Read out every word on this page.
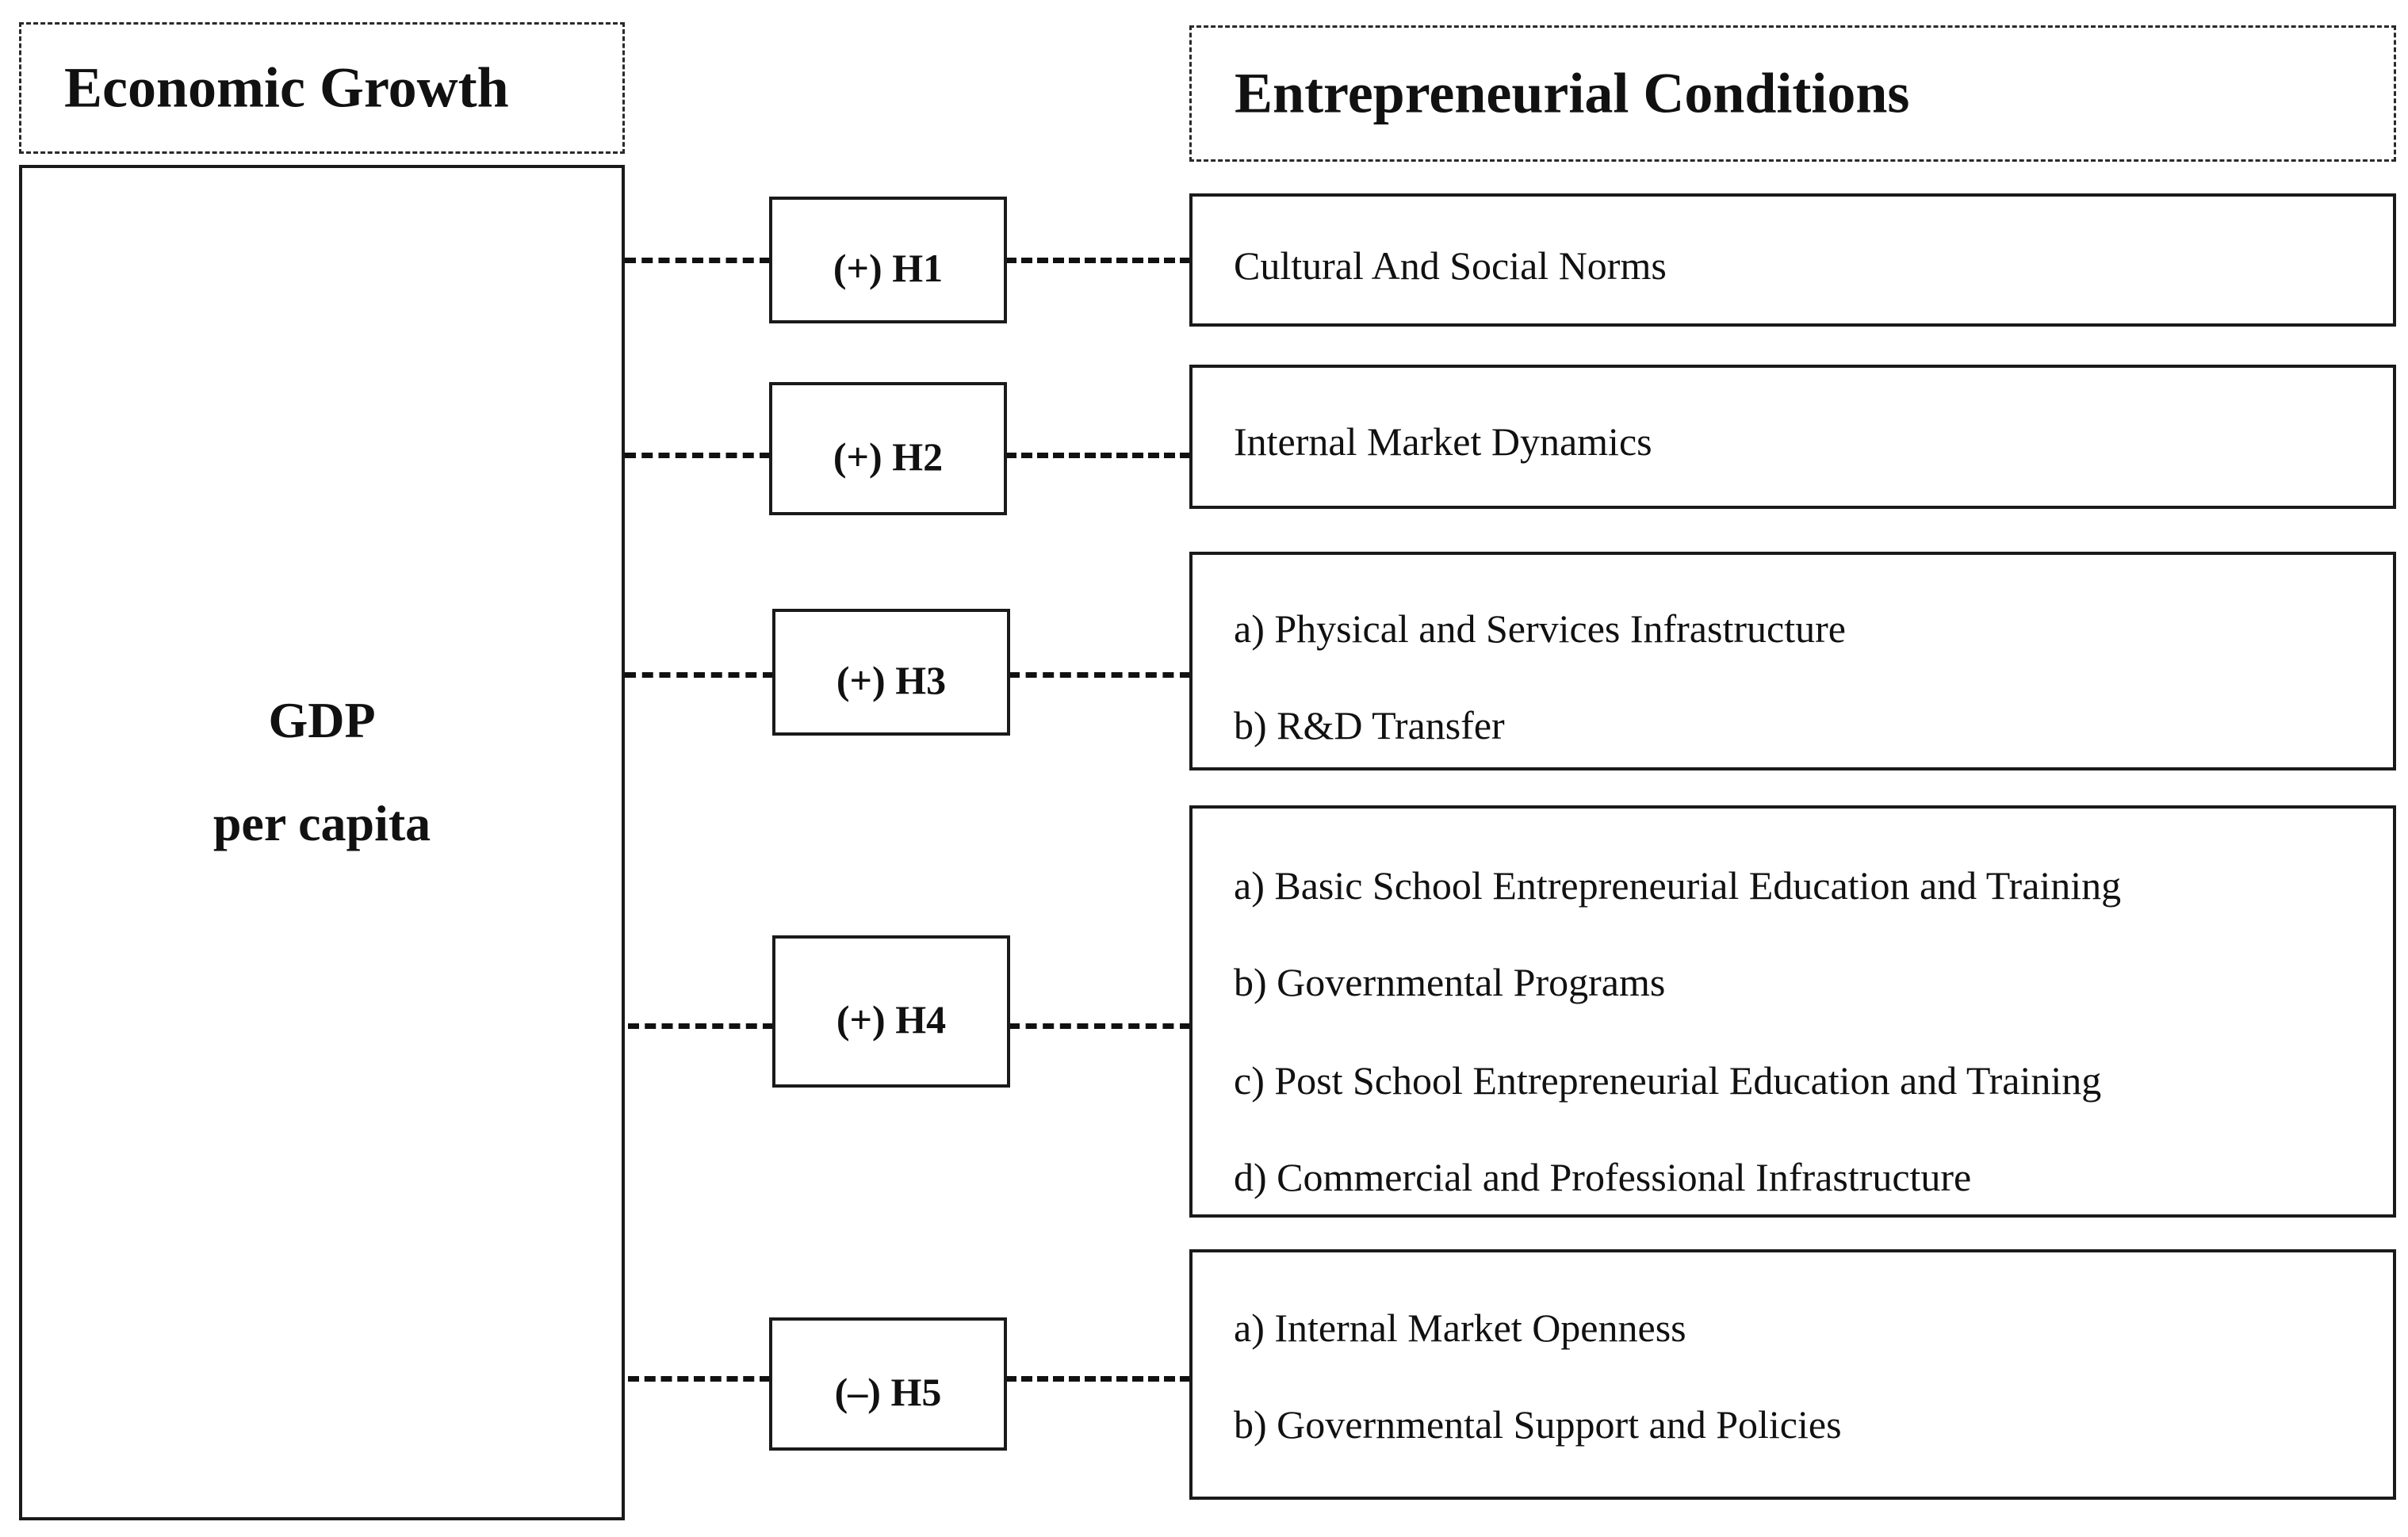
Economic Growth	Entrepreneurial Conditions
GDP
per capita
(+) H1
(+) H2
(+) H3
(+) H4
(–) H5
Cultural And Social Norms
Internal Market Dynamics
a) Physical and Services Infrastructure
b) R&D Transfer
a) Basic School Entrepreneurial Education and Training
b) Governmental Programs
c) Post School Entrepreneurial Education and Training
d) Commercial and Professional Infrastructure
a) Internal Market Openness
b) Governmental Support and Policies
